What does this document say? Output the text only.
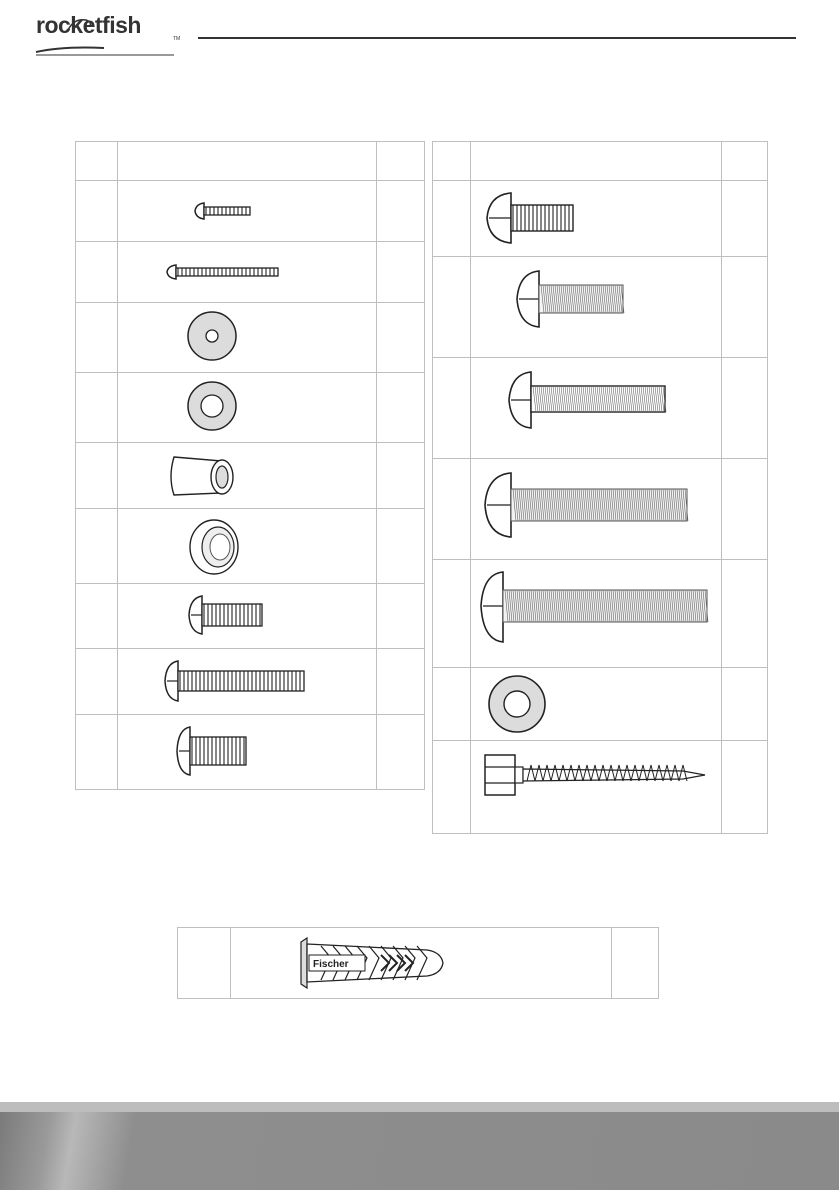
rocketfish
TM

Fischer
